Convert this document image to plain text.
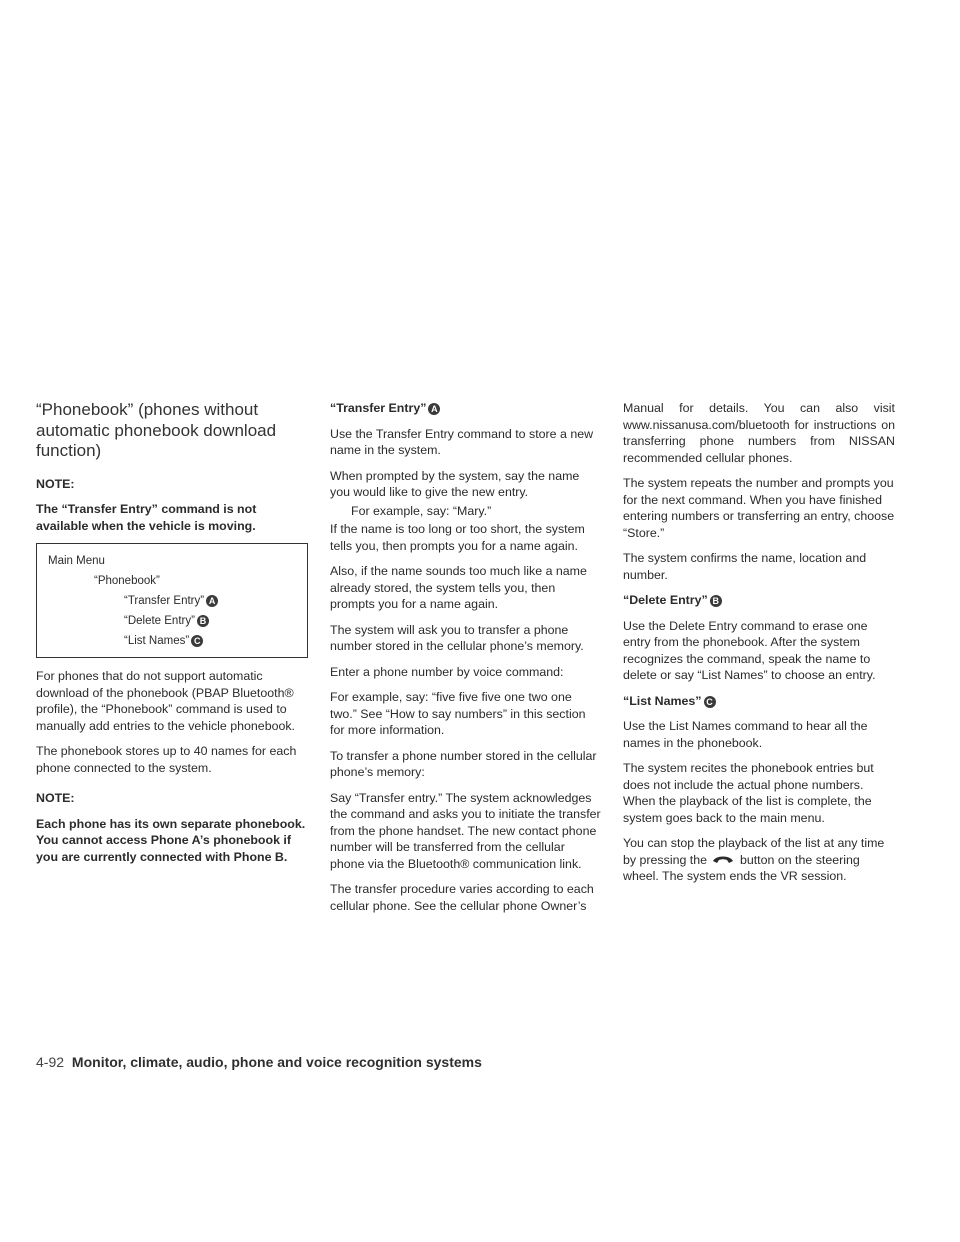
“Phonebook” (phones without automatic phonebook download function)

NOTE:

The “Transfer Entry” command is not available when the vehicle is moving.

Main Menu
“Phonebook”
“Transfer Entry” A
“Delete Entry” B
“List Names” C

For phones that do not support automatic download of the phonebook (PBAP Bluetooth® profile), the “Phonebook” command is used to manually add entries to the vehicle phonebook.

The phonebook stores up to 40 names for each phone connected to the system.

NOTE:

Each phone has its own separate phonebook. You cannot access Phone A’s phonebook if you are currently connected with Phone B.

“Transfer Entry” A

Use the Transfer Entry command to store a new name in the system.

When prompted by the system, say the name you would like to give the new entry.

For example, say: “Mary.”

If the name is too long or too short, the system tells you, then prompts you for a name again.

Also, if the name sounds too much like a name already stored, the system tells you, then prompts you for a name again.

The system will ask you to transfer a phone number stored in the cellular phone’s memory.

Enter a phone number by voice command:

For example, say: “five five five one two one two.” See “How to say numbers” in this section for more information.

To transfer a phone number stored in the cellular phone’s memory:

Say “Transfer entry.” The system acknowledges the command and asks you to initiate the transfer from the phone handset. The new contact phone number will be transferred from the cellular phone via the Bluetooth® communication link.

The transfer procedure varies according to each cellular phone. See the cellular phone Owner’s

Manual for details. You can also visit www.nissanusa.com/bluetooth for instructions on transferring phone numbers from NISSAN recommended cellular phones.

The system repeats the number and prompts you for the next command. When you have finished entering numbers or transferring an entry, choose “Store.”

The system confirms the name, location and number.

“Delete Entry” B

Use the Delete Entry command to erase one entry from the phonebook. After the system recognizes the command, speak the name to delete or say “List Names” to choose an entry.

“List Names” C

Use the List Names command to hear all the names in the phonebook.

The system recites the phonebook entries but does not include the actual phone numbers. When the playback of the list is complete, the system goes back to the main menu.

You can stop the playback of the list at any time by pressing the	button on the steering wheel. The system ends the VR session.

4-92 Monitor, climate, audio, phone and voice recognition systems
